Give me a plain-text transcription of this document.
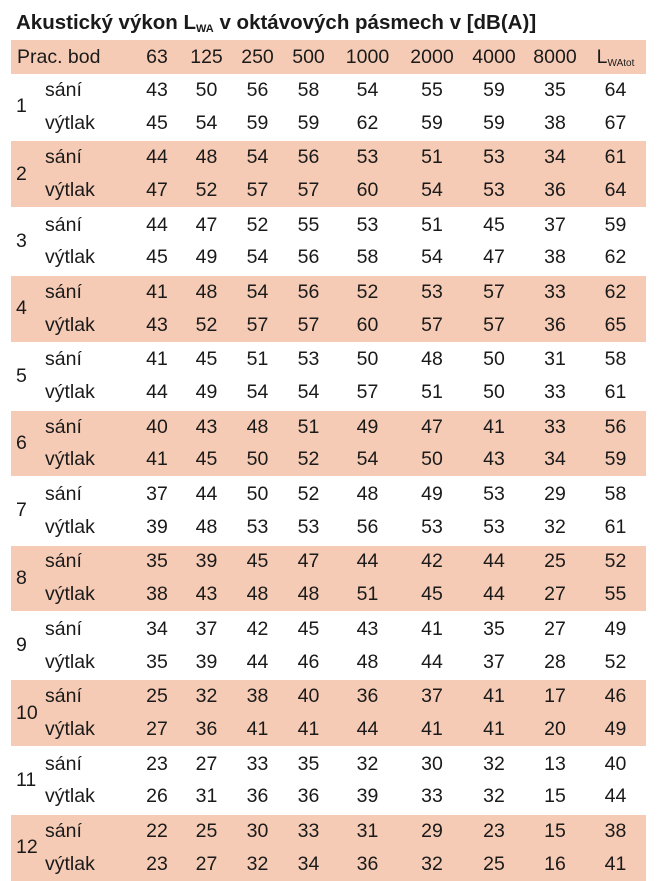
Akustický výkon LWA v oktávových pásmech v [dB(A)]
Prac. bod		63	125	250	500	1000	2000	4000	8000	LWAtot
1	sání	43	50	56	58	54	55	59	35	64
	výtlak	45	54	59	59	62	59	59	38	67
2	sání	44	48	54	56	53	51	53	34	61
	výtlak	47	52	57	57	60	54	53	36	64
3	sání	44	47	52	55	53	51	45	37	59
	výtlak	45	49	54	56	58	54	47	38	62
4	sání	41	48	54	56	52	53	57	33	62
	výtlak	43	52	57	57	60	57	57	36	65
5	sání	41	45	51	53	50	48	50	31	58
	výtlak	44	49	54	54	57	51	50	33	61
6	sání	40	43	48	51	49	47	41	33	56
	výtlak	41	45	50	52	54	50	43	34	59
7	sání	37	44	50	52	48	49	53	29	58
	výtlak	39	48	53	53	56	53	53	32	61
8	sání	35	39	45	47	44	42	44	25	52
	výtlak	38	43	48	48	51	45	44	27	55
9	sání	34	37	42	45	43	41	35	27	49
	výtlak	35	39	44	46	48	44	37	28	52
10	sání	25	32	38	40	36	37	41	17	46
	výtlak	27	36	41	41	44	41	41	20	49
11	sání	23	27	33	35	32	30	32	13	40
	výtlak	26	31	36	36	39	33	32	15	44
12	sání	22	25	30	33	31	29	23	15	38
	výtlak	23	27	32	34	36	32	25	16	41
